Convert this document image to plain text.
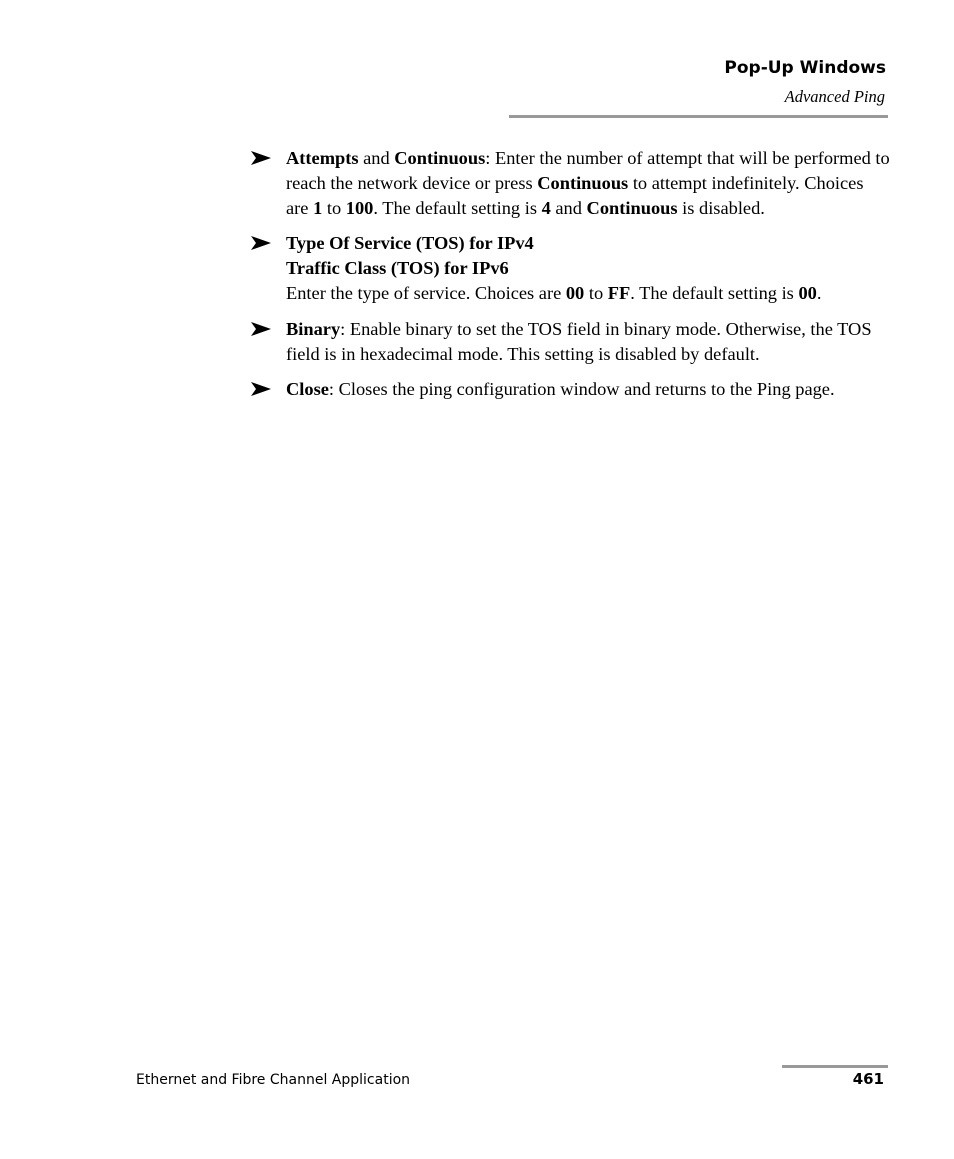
Pop-Up Windows
Advanced Ping
Attempts and Continuous: Enter the number of attempt that will be performed to reach the network device or press Continuous to attempt indefinitely. Choices are 1 to 100. The default setting is 4 and Continuous is disabled.
Type Of Service (TOS) for IPv4
Traffic Class (TOS) for IPv6
Enter the type of service. Choices are 00 to FF. The default setting is 00.
Binary: Enable binary to set the TOS field in binary mode. Otherwise, the TOS field is in hexadecimal mode. This setting is disabled by default.
Close: Closes the ping configuration window and returns to the Ping page.
Ethernet and Fibre Channel Application	461
